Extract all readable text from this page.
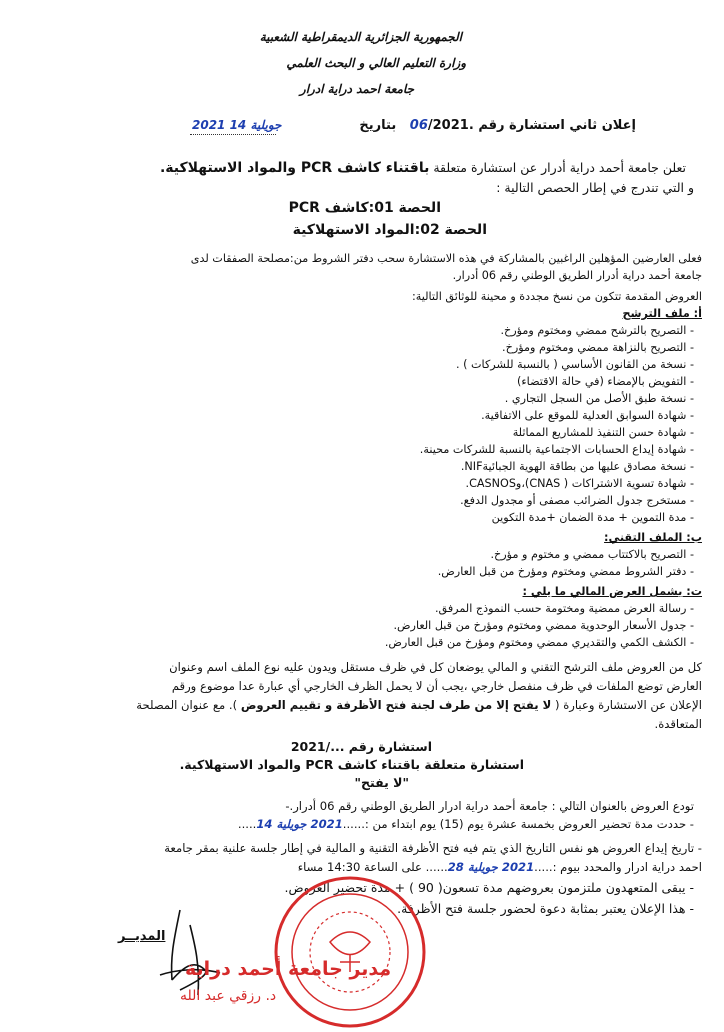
الجمهورية الجزائرية الديمقراطية الشعبية
وزارة التعليم العالي و البحث العلمي
جامعة احمد دراية ادرار
إعلان ثاني استشارة رقم .06/2021   بتاريخ
2021 جويلية 14
تعلن جامعة أحمد دراية أدرار عن استشارة متعلقة باقتناء كاشف PCR والمواد الاستهلاكية.
و التي تندرج في إطار الحصص التالية :
الحصة 01:كاشف PCR
الحصة 02:المواد الاستهلاكية
فعلى العارضين المؤهلين الراغبين بالمشاركة في هذه الاستشارة سحب دفتر الشروط من:مصلحة الصفقات لدى
جامعة أحمد دراية أدرار الطريق الوطني رقم 06 أدرار.
العروض المقدمة تتكون من نسخ مجددة و محينة للوثائق التالية:
أ: ملف الترشح
- التصريح بالترشح ممضي ومختوم ومؤرخ.
- التصريح بالنزاهة ممضي ومختوم ومؤرخ.
- نسخة من القانون الأساسي ( بالنسبة للشركات ) .
- التفويض بالإمضاء (في حالة الاقتضاء)
- نسخة طبق الأصل من السجل التجاري .
- شهادة السوابق العدلية للموقع على الاتفاقية.
- شهادة حسن التنفيذ للمشاريع المماثلة
- شهادة إيداع الحسابات الاجتماعية بالنسبة للشركات محينة.
- نسخة مصادق عليها من بطاقة الهوية الجبائيةNIF.
- شهادة تسوية الاشتراكات ( CNAS)،وCASNOS.
- مستخرج جدول الضرائب مصفى أو مجدول الدفع.
- مدة التموين + مدة الضمان +مدة التكوين
ب: الملف التقني:
- التصريح بالاكتتاب ممضي و مختوم و مؤرخ.
- دفتر الشروط ممضي ومختوم ومؤرخ من قبل العارض.
ت: يشمل العرض المالي ما يلي :
- رسالة العرض ممضية ومختومة حسب النموذج المرفق.
- جدول الأسعار الوحدوية ممضي ومختوم ومؤرخ من قبل العارض.
- الكشف الكمي والتقديري ممضي ومختوم ومؤرخ من قبل العارض.
كل من العروض ملف الترشح التقني و المالي يوضعان كل في ظرف مستقل ويدون عليه نوع الملف اسم وعنوان
العارض توضع الملفات في ظرف منفصل خارجي ،يجب أن لا يحمل الظرف الخارجي أي عبارة عدا موضوع ورقم
الإعلان عن الاستشارة وعبارة ( لا يفتح إلا من طرف لجنة فتح الأظرفة و تقييم العروض ). مع عنوان المصلحة
المتعاقدة.
استشارة رقم .../2021
استشارة متعلقة باقتناء كاشف PCR والمواد الاستهلاكية.
"لا يفتح"
تودع العروض بالعنوان التالي : جامعة أحمد دراية ادرار الطريق الوطني رقم 06 أدرار.-
- حددت مدة تحضير العروض بخمسة عشرة يوم (15) يوم ابتداء من :......2021 جويلية 14.....
- تاريخ إيداع العروض هو نفس التاريخ الذي يتم فيه فتح الأظرفة التقنية و المالية في إطار جلسة علنية بمقر جامعة
احمد دراية ادرار والمحدد بيوم :.....2021 جويلية 28...... على الساعة 14:30 مساء
- يبقى المتعهدون ملتزمون بعروضهم مدة تسعون( 90 ) + مدة تحضير العروض.
- هذا الإعلان يعتبر بمثابة دعوة لحضور جلسة فتح الأظرفة.
المديــر
مدير جامعة أحمد دراية
د. رزقي عبد الله
